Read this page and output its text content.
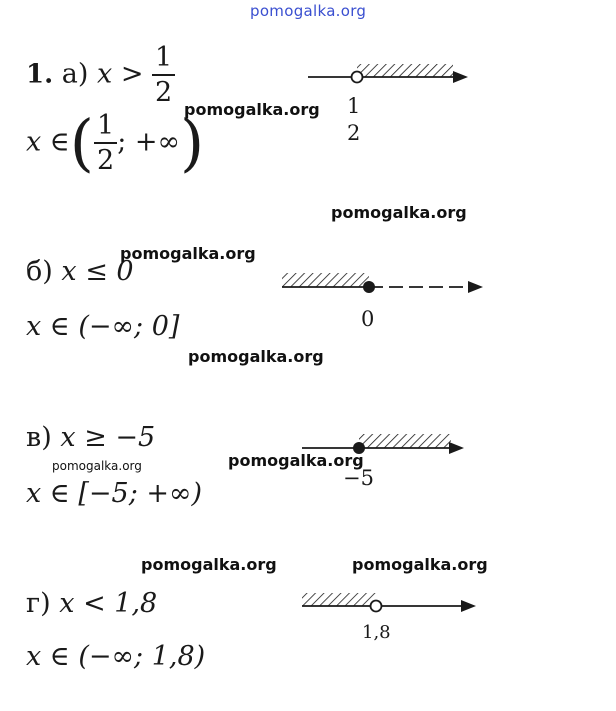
pomogalka.org
1. а) $x > \frac{1}{2}$
x ∈( $\frac{1}{2}$ ; +∞)
б) x ≤ 0
x ∈ (−∞; 0]
в) x ≥ −5
x ∈ [−5; +∞)
г) x < 1,8
x ∈ (−∞; 1,8)
1
2
0
−5
1,8
pomogalka.org
pomogalka.org
pomogalka.org
pomogalka.org
pomogalka.org
pomogalka.org
pomogalka.org	pomogalka.org
